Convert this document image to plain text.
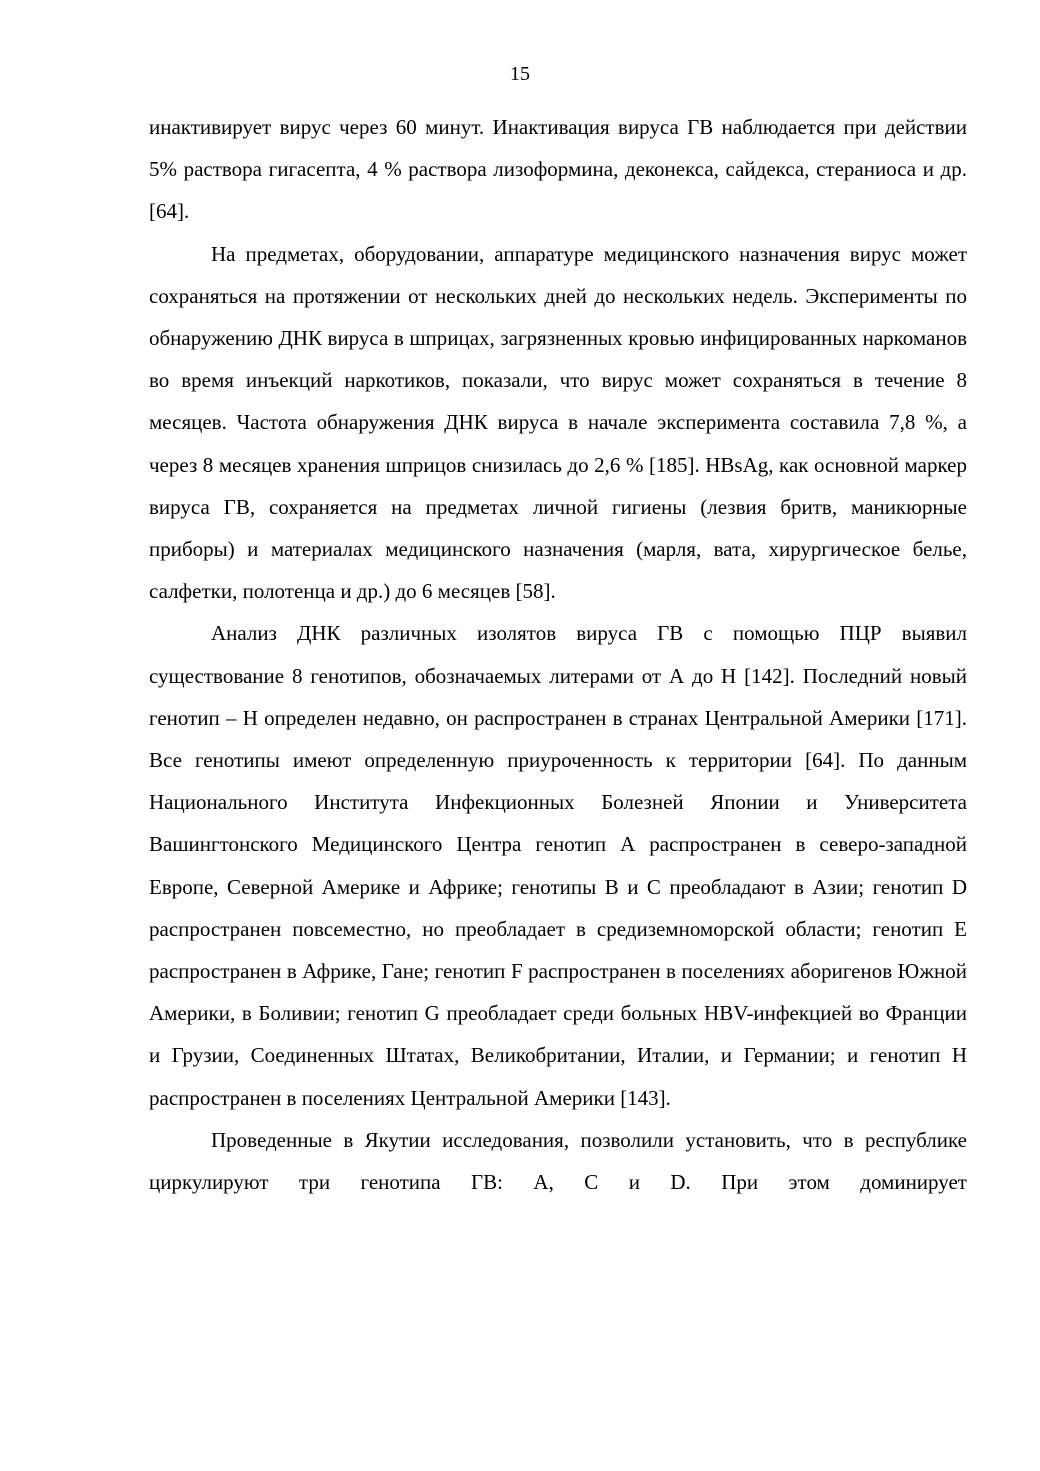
15

инактивирует вирус через 60 минут. Инактивация вируса ГВ наблюдается при действии 5% раствора гигасепта, 4 % раствора лизоформина, деконекса, сайдекса, стераниоса и др. [64].

На предметах, оборудовании, аппаратуре медицинского назначения вирус может сохраняться на протяжении от нескольких дней до нескольких недель. Эксперименты по обнаружению ДНК вируса в шприцах, загрязненных кровью инфицированных наркоманов во время инъекций наркотиков, показали, что вирус может сохраняться в течение 8 месяцев. Частота обнаружения ДНК вируса в начале эксперимента составила 7,8 %, а через 8 месяцев хранения шприцов снизилась до 2,6 % [185]. HBsAg, как основной маркер вируса ГВ, сохраняется на предметах личной гигиены (лезвия бритв, маникюрные приборы) и материалах медицинского назначения (марля, вата, хирургическое белье, салфетки, полотенца и др.) до 6 месяцев [58].

Анализ ДНК различных изолятов вируса ГВ с помощью ПЦР выявил существование 8 генотипов, обозначаемых литерами от А до H [142]. Последний новый генотип – Н определен недавно, он распространен в странах Центральной Америки [171]. Все генотипы имеют определенную приуроченность к территории [64]. По данным Национального Института Инфекционных Болезней Японии и Университета Вашингтонского Медицинского Центра генотип А распространен в северо-западной Европе, Северной Америке и Африке; генотипы В и С преобладают в Азии; генотип D распространен повсеместно, но преобладает в средиземноморской области; генотип E распространен в Африке, Гане; генотип F распространен в поселениях аборигенов Южной Америки, в Боливии; генотип G преобладает среди больных HBV-инфекцией во Франции и Грузии, Соединенных Штатах, Великобритании, Италии, и Германии; и генотип Н распространен в поселениях Центральной Америки [143].

Проведенные в Якутии исследования, позволили установить, что в республике циркулируют три генотипа ГВ: A, C и D. При этом доминирует
